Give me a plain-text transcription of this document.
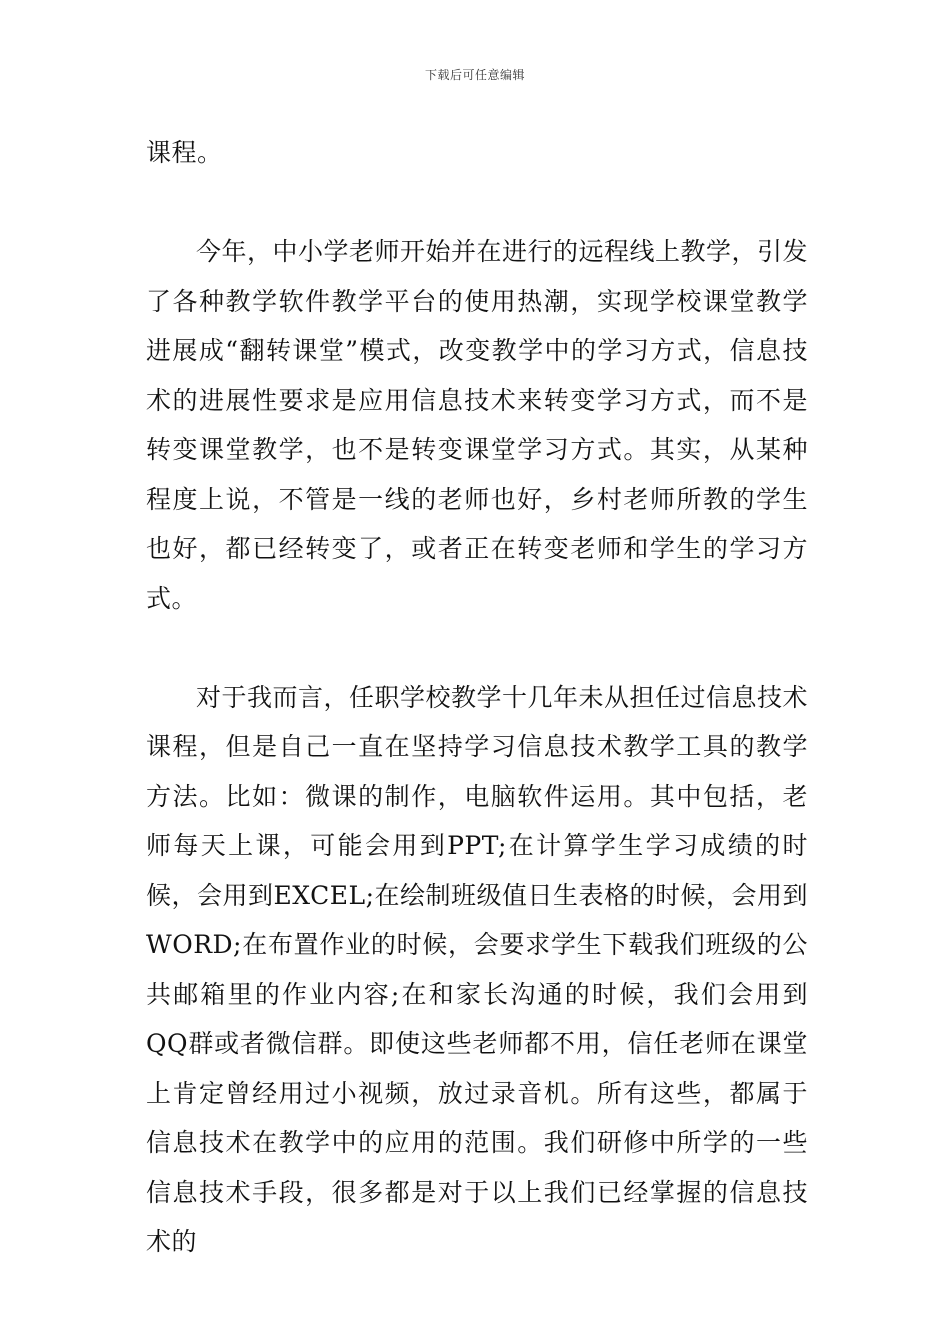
下载后可任意编辑

课程。

今年，中小学老师开始并在进行的远程线上教学，引发了各种教学软件教学平台的使用热潮，实现学校课堂教学进展成“翻转课堂”模式，改变教学中的学习方式，信息技术的进展性要求是应用信息技术来转变学习方式，而不是转变课堂教学，也不是转变课堂学习方式。其实，从某种程度上说，不管是一线的老师也好，乡村老师所教的学生也好，都已经转变了，或者正在转变老师和学生的学习方式。

对于我而言，任职学校教学十几年未从担任过信息技术课程，但是自己一直在坚持学习信息技术教学工具的教学方法。比如：微课的制作，电脑软件运用。其中包括，老师每天上课，可能会用到PPT;在计算学生学习成绩的时候，会用到EXCEL;在绘制班级值日生表格的时候，会用到WORD;在布置作业的时候，会要求学生下载我们班级的公共邮箱里的作业内容;在和家长沟通的时候，我们会用到QQ群或者微信群。即使这些老师都不用，信任老师在课堂上肯定曾经用过小视频，放过录音机。所有这些，都属于信息技术在教学中的应用的范围。我们研修中所学的一些信息技术手段，很多都是对于以上我们已经掌握的信息技术的
